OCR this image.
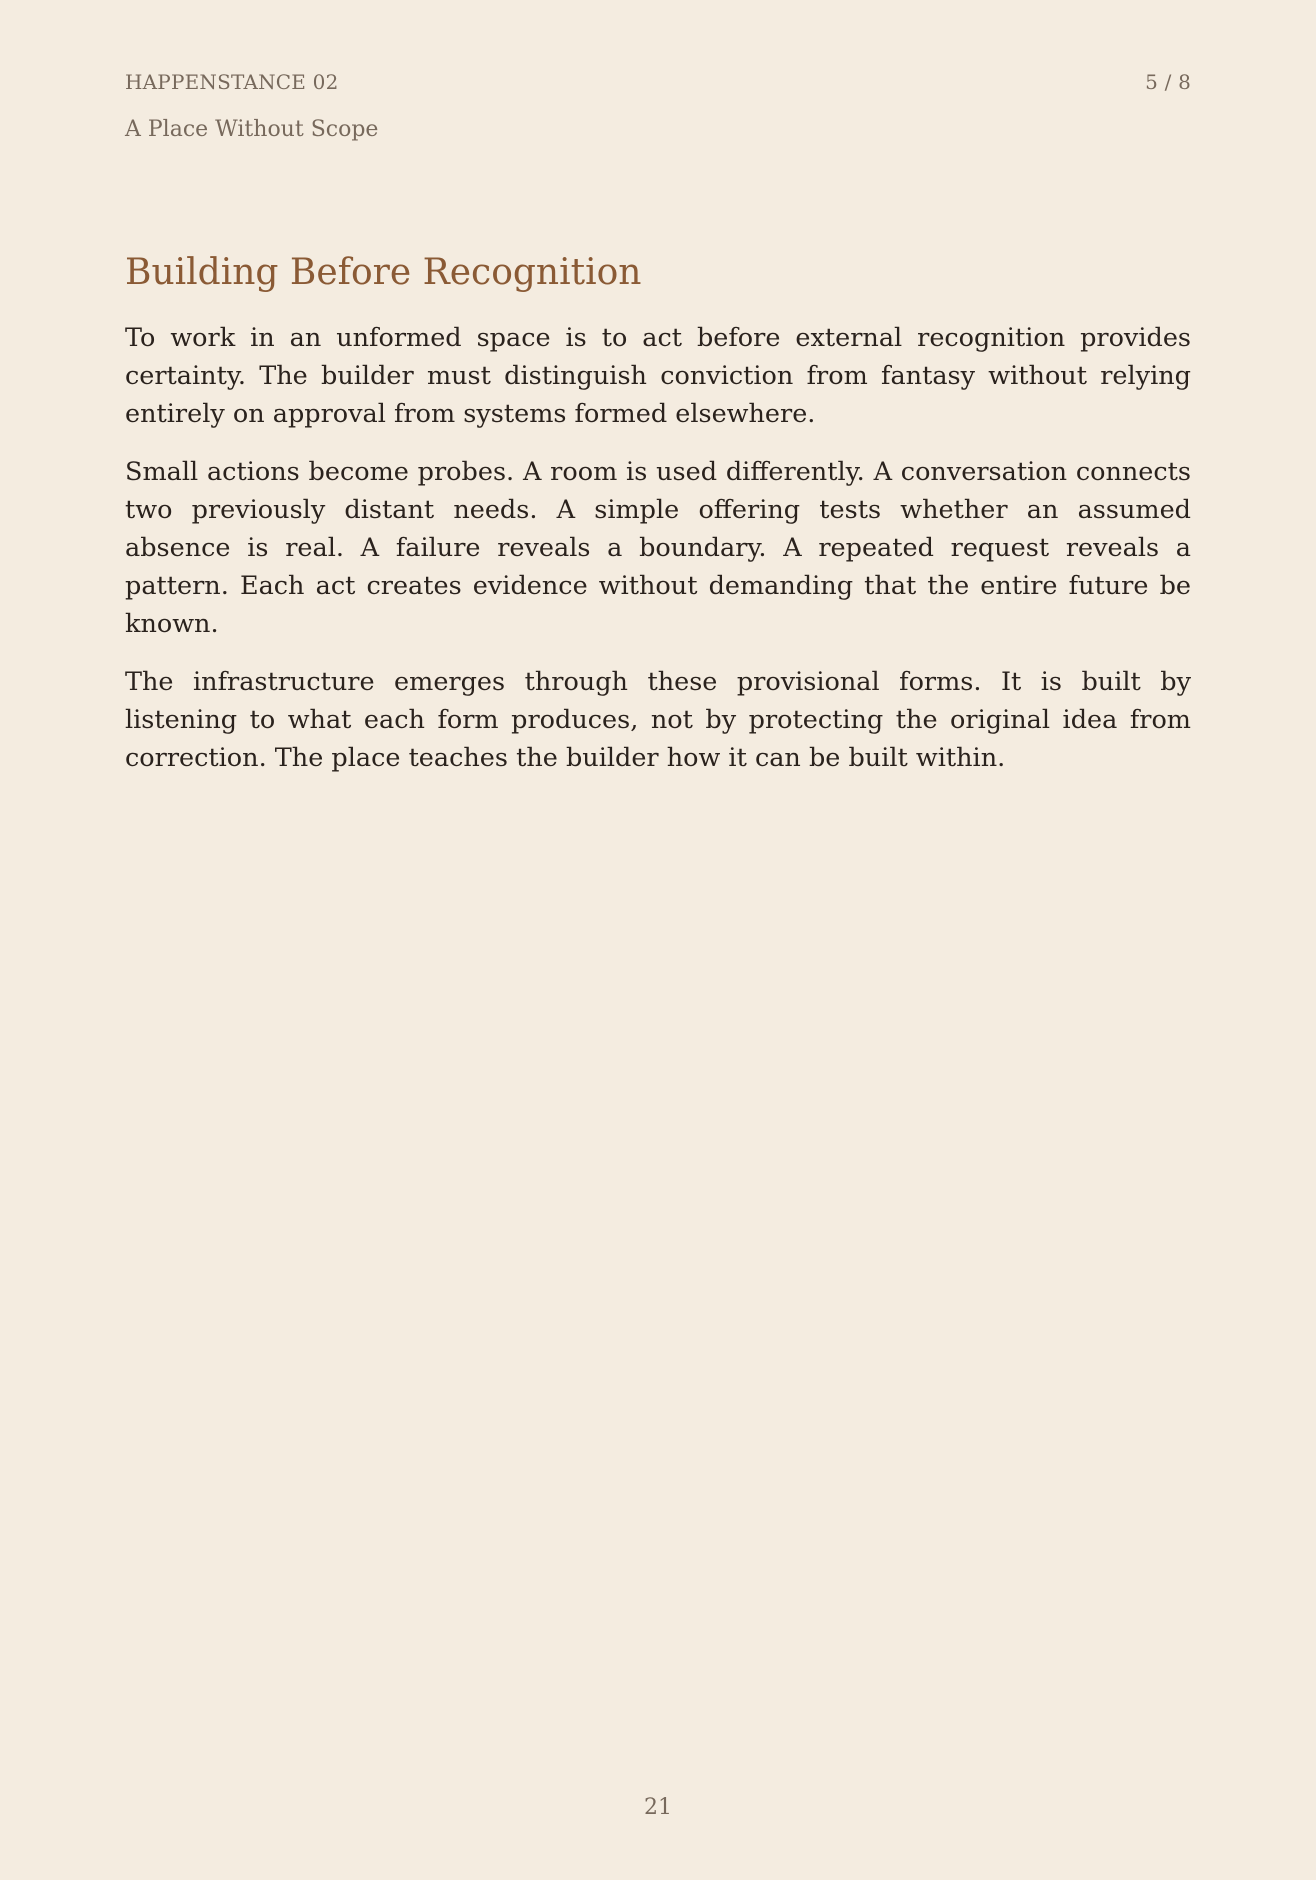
HAPPENSTANCE 02	5 / 8
A Place Without Scope
Building Before Recognition

To work in an unformed space is to act before external recognition provides certainty. The builder must distinguish conviction from fantasy without relying entirely on approval from systems formed elsewhere.

Small actions become probes. A room is used differently. A conversation connects two previously distant needs. A simple offering tests whether an assumed absence is real. A failure reveals a boundary. A repeated request reveals a pattern. Each act creates evidence without demanding that the entire future be known.

The infrastructure emerges through these provisional forms. It is built by listening to what each form produces, not by protecting the original idea from correction. The place teaches the builder how it can be built within.

21
